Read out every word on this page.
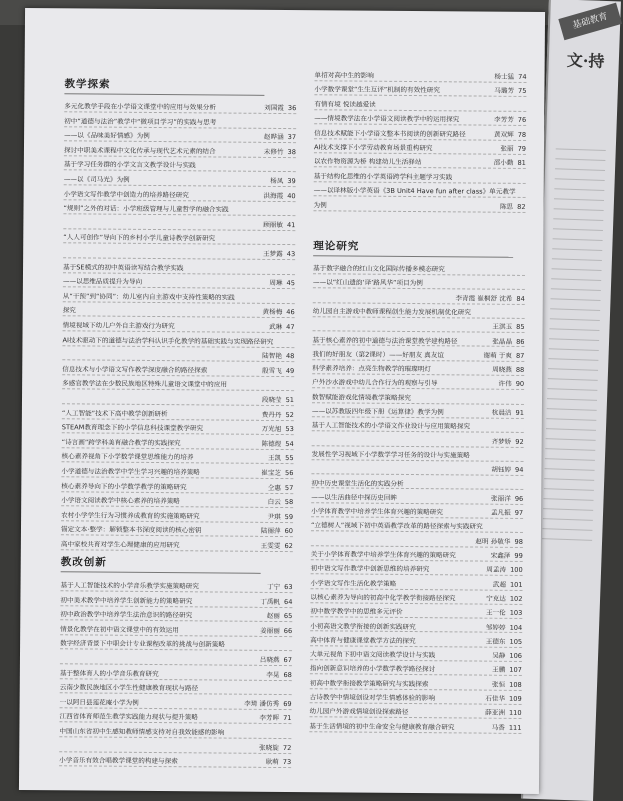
基础教育
文·持
教学探索
多元化教学手段在小学语文课堂中的应用与效果分析	刘国霞 36
初中“道德与法治”教学中“微项目学习”的实践与思考
——以《品味美好情感》为例	赵晔涵 37
探讨中职美术课程中文化传承与现代艺术元素的结合	未修竹 38
基于学习任务群的小学文言文教学设计与实践
——以《司马光》为例	杨凤 39
小学语文写作教学中创造力的培养路径研究	洪海霞 40
“规则”之外的对话：小学班级管理与儿童哲学的融合实践
顾丽敏 41
“人人可创作”导向下的乡村小学儿童诗教学创新研究
王梦露 43
基于SE模式的初中英语读写结合教学实践
——以思维品质提升为导向	周琳 45
从“干预”到“协同”：幼儿室内自主游戏中支持性策略的实践
探究	黄杨梅 46
情境视域下幼儿户外自主游戏行为研究	武琳 47
AI技术驱动下的道德与法治学科认识手化教学的基础实践与实现路径研究
陆智艳 48
信息技术与小学语文写作教学深度融合的路径探索	殷雪飞 49
多感官教学法在少数民族地区特殊儿童语文课堂中的应用
段晓莹 51
“人工智能”技术下高中教学创新研析	费丹丹 52
STEAM教育理念下的小学信息科技课堂教学研究	万光旭 53
“诗言画”跨学科美育融合教学的实践探究	陈德煜 54
核心素养视角下小学数学课堂思维能力的培养	王凯 55
小学道德与法治教学中学生学习兴趣的培养策略	崔宝芝 56
核心素养导向下的小学数学教学的策略研究	仝惠 57
小学语文阅读教学中核心素养的培养策略	白云 58
农村小学学生行为习惯养成教育的实施策略研究	尹琪 59
锚定文本·整学：解锁整本书深度阅读的核心密钥	陆丽萍 60
高中家校共育对学生心理健康的应用研究	王雯雯 62
教改创新
基于人工智能技术的小学音乐教学实施策略研究	丁宁 63
初中美术教学中培养学生创新能力的策略研究	丁禹帆 64
初中政治教学中培养学生法治意识的路径研究	赵丽 65
情景化教学在初中语文课堂中的有效运用	姜丽丽 66
数字经济背景下中职会计专业课程改革的挑战与创新策略
吕晓燕 67
基于整体育人的小学音乐教育研究	李晃 68
云南少数民族地区小学生性健康教育现状与路径
一以阿日县莲花庵小学为例	李琦 潘仿秀 69
江西省体育师范生教学实践能力现状与提升策略	李芳晖 71
中国山东省初中生感知教师情感支持对自我效能感的影响
张晓旋 72
小学音乐有效合唱教学课堂的构建与探索	耿萌 73
单招对高中生的影响	杨士猛 74
小学数学课堂“生生互评”机制的有效性研究	马璐芳 75
有情有境 悦读越爱读
——情境教学法在小学语文阅读教学中的运用探究	李芳芳 76
信息技术赋能下小学语文整本书阅读的创新研究路径	黄双辉 78
AI技术支撑下小学劳动教育场景重构研究	张丽 79
以农作物资源为桥 构建幼儿生活驿站	邵小勤 81
基于结构化思维的小学英语跨学科主题学习实践
——以译林版小学英语《3B Unit4 Have fun after class》单元教学
为例	陈思 82
理论研究
基于数字融合的红山文化国际传播多模态研究
——以“红山遗韵‘译’路风华”项目为例
李青霞 崔桐舒 沈希 84
幼儿园自主游戏中教师课程创生能力发展机制优化研究
王淇玉 85
基于核心素养的初中道德与法治课堂教学建构路径	张晶晶 86
我们的好朋友（第2课时）——好朋友 真友谊	谢萌 于爽 87
科学素养培养：点亮生物教学的璀璨明灯	周晓燕 88
户外沙水游戏中幼儿合作行为的观察与引导	许伟 90
数智赋能游戏化情境教学策略探究
——以苏教版四年级下册《运算律》教学为例	杭晨洁 91
基于人工智能技术的小学语文作业设计与应用策略探究
齐梦娇 92
发展性学习视域下小学数学学习任务的设计与实施策略
胡钰婷 94
初中历史课堂生活化的实践分析
——以生活曲径中探历史回眸	张丽洋 96
小学体育教学中培养学生体育兴趣的策略研究	孟凡振 97
“立德树人”视域下初中英语教学改革的路径探索与实践研究
赵明 孙敬华 98
关于小学体育教学中培养学生体育兴趣的策略研究	宋鑫泽 99
初中语文写作教学中创新思维的培养研究	周孟涛 100
小学语文写作生活化教学策略	武超 101
以核心素养为导向的初高中化学教学衔接路径探究	宁克达 102
初中数学教学中的思维多元评价	王一伦 103
小初高语文教学衔接的创新实践研究	邹婷婷 104
高中体育与健康课堂教学方法的探究	王德东 105
大单元视角下初中语文阅读教学设计与实践	吴静 106
指向创新意识培养的小学数学教学路径探讨	王鹏 107
初高中数学衔接教学策略研究与实践探索	张恒 108
古诗教学中情境创设对学生情感体验的影响	石佳华 109
幼儿园户外游戏情境创设探索路径	薛亚洲 110
基于生活情境的初中生命安全与健康教育融合研究	马香 111
